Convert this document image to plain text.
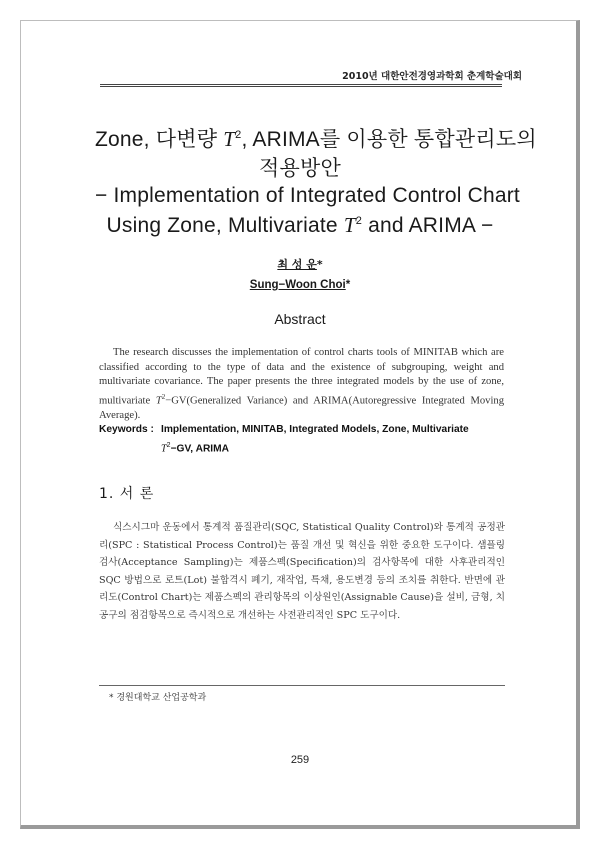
2010년 대한안전경영과학회 춘계학술대회
Zone, 다변량 $T^2$, ARIMA를 이용한 통합관리도의
적용방안
− Implementation of Integrated Control Chart
Using Zone, Multivariate $T^2$ and ARIMA −
최 성 운*
Sung−Woon Choi*
Abstract
The research discusses the implementation of control charts tools of MINITAB which are classified according to the type of data and the existence of subgrouping, weight and multivariate covariance. The paper presents the three integrated models by the use of zone, multivariate $T^2-GV(Generalized$ Variance) and ARIMA(Autoregressive Integrated Moving Average).
Keywords : Implementation, MINITAB, Integrated Models, Zone, Multivariate
$T^2-GV$, ARIMA
1. 서 론
식스시그마 운동에서 통계적 품질관리(SQC, Statistical Quality Control)와 통계적 공정관리(SPC : Statistical Process Control)는 품질 개선 및 혁신을 위한 중요한 도구이다. 샘플링 검사(Acceptance Sampling)는 제품스펙(Specification)의 검사항목에 대한 사후관리적인 SQC 방법으로 로트(Lot) 불합격시 폐기, 재작업, 특채, 용도변경 등의 조치를 취한다. 반면에 관리도(Control Chart)는 제품스펙의 관리항목의 이상원인(Assignable Cause)을 설비, 금형, 치공구의 점검항목으로 즉시적으로 개선하는 사전관리적인 SPC 도구이다.
* 경원대학교 산업공학과
259
